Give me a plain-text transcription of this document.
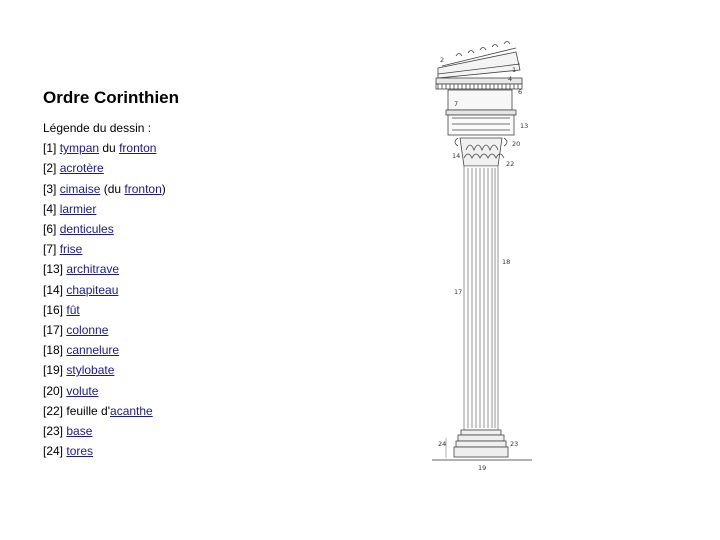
Ordre Corinthien
Légende du dessin :
[1] tympan du fronton
[2] acrotère
[3] cimaise (du fronton)
[4] larmier
[6] denticules
[7] frise
[13] architrave
[14] chapiteau
[16] fût
[17] colonne
[18] cannelure
[19] stylobate
[20] volute
[22] feuille d'acanthe
[23] base
[24] tores
2
1
4
6
7
13
14
20
22
18
17
24	23
19
